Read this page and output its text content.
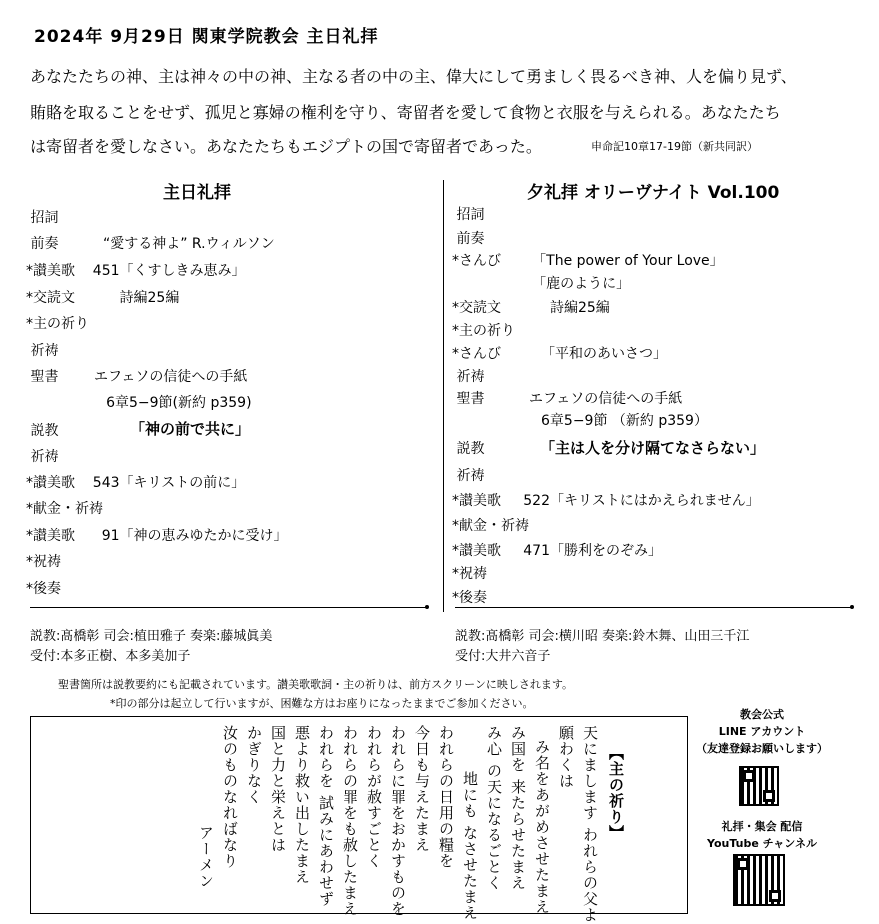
2024年 9月29日 関東学院教会 主日礼拝
あなたたちの神、主は神々の中の神、主なる者の中の主、偉大にして勇ましく畏るべき神、人を偏り見ず、
賄賂を取ることをせず、孤児と寡婦の権利を守り、寄留者を愛して食物と衣服を与えられる。あなたたち
は寄留者を愛しなさい。あなたたちもエジプトの国で寄留者であった。	申命記10章17-19節（新共同訳）
主日礼拝
招詞
前奏          “愛する神よ” R.ウィルソン
*讃美歌    451「くすしきみ恵み」
*交読文          詩編25編
*主の祈り
祈祷
聖書        エフェソの信徒への手紙
6章5−9節(新約 p359)
説教
祈祷
*讃美歌    543「キリストの前に」
*献金・祈祷
*讃美歌      91「神の恵みゆたかに受け」
*祝祷
*後奏
「神の前で共に」
夕礼拝 オリーヴナイト Vol.100
招詞
前奏
*さんび       「The power of Your Love」
「鹿のように」
*交読文           詩編25編
*主の祈り
*さんび         「平和のあいさつ」
祈祷
聖書          エフェソの信徒への手紙
6章5−9節 （新約 p359）
説教
祈祷
*讃美歌     522「キリストにはかえられません」
*献金・祈祷
*讃美歌     471「勝利をのぞみ」
*祝祷
*後奏
「主は人を分け隔てなさらない」
説教:髙橋彰 司会:植田雅子 奏楽:藤城眞美
受付:本多正樹、本多美加子
説教:髙橋彰 司会:横川昭 奏楽:鈴木舞、山田三千江
受付:大井六音子
聖書箇所は説教要約にも記載されています。讃美歌歌詞・主の祈りは、前方スクリーンに映しされます。
*印の部分は起立して行いますが、困難な方はお座りになったままでご参加ください。
【主の祈り】
天にまします われらの父よ
願わくは
み名をあがめさせたまえ
み国を 来たらせたまえ
み心 の天になるごとく
地にも なさせたまえ
われらの日用の糧を
今日も与えたまえ
われらに罪をおかすものを
われらが赦すごとく
われらの罪をも赦したまえ
われらを 試みにあわせず
悪より救い出したまえ
国と力と栄えとは
かぎりなく
汝のものなればなり
アーメン
教会公式
LINE アカウント
（友達登録お願いします）
礼拝・集会 配信
YouTube チャンネル
